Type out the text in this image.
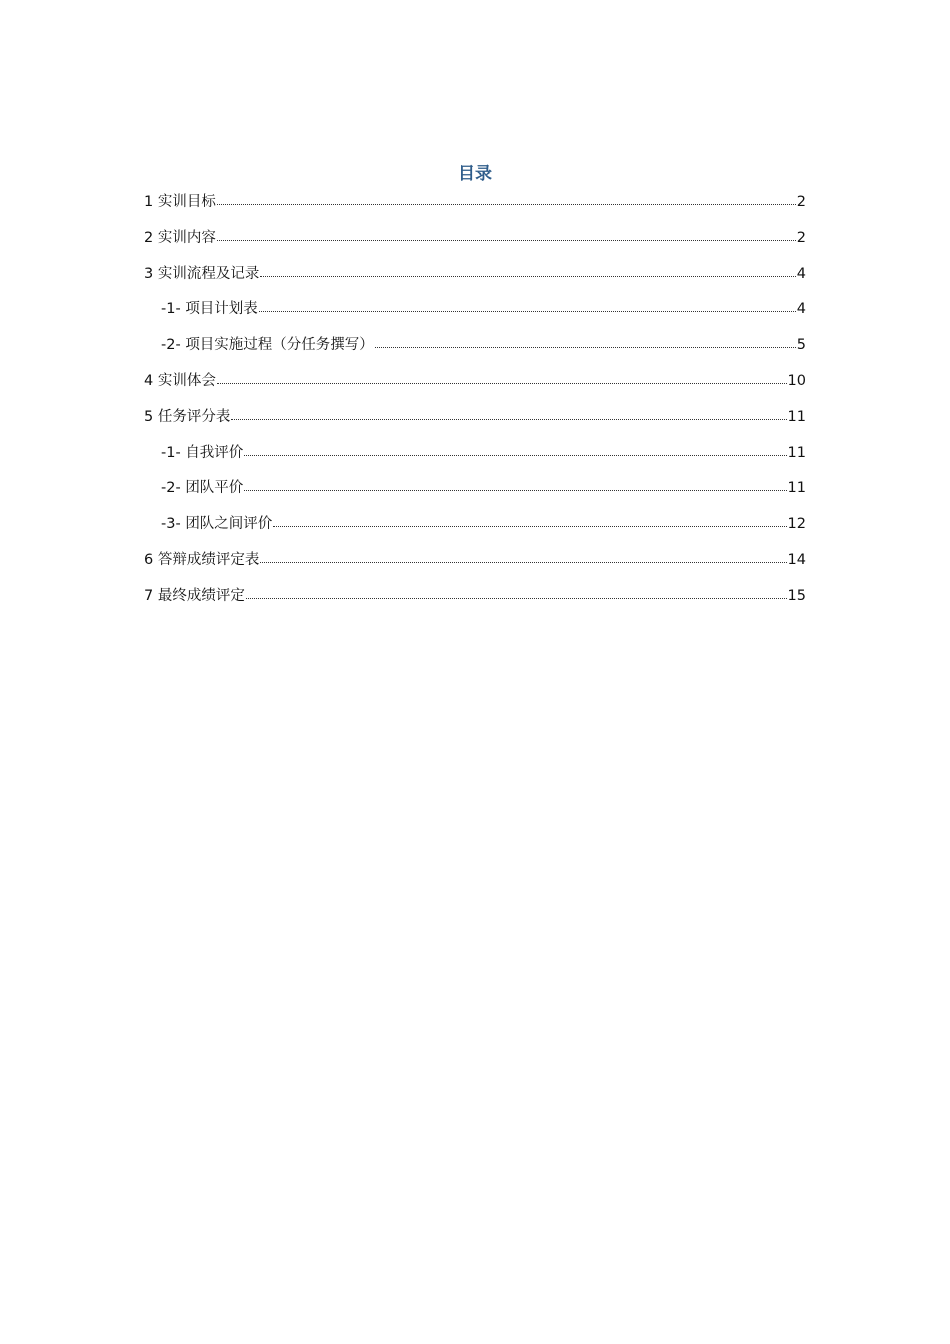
目录
1 实训目标	2
2 实训内容	2
3 实训流程及记录	4
-1- 项目计划表	4
-2- 项目实施过程（分任务撰写）	5
4 实训体会	10
5 任务评分表	11
-1- 自我评价	11
-2- 团队平价	11
-3- 团队之间评价	12
6 答辩成绩评定表	14
7 最终成绩评定	15
